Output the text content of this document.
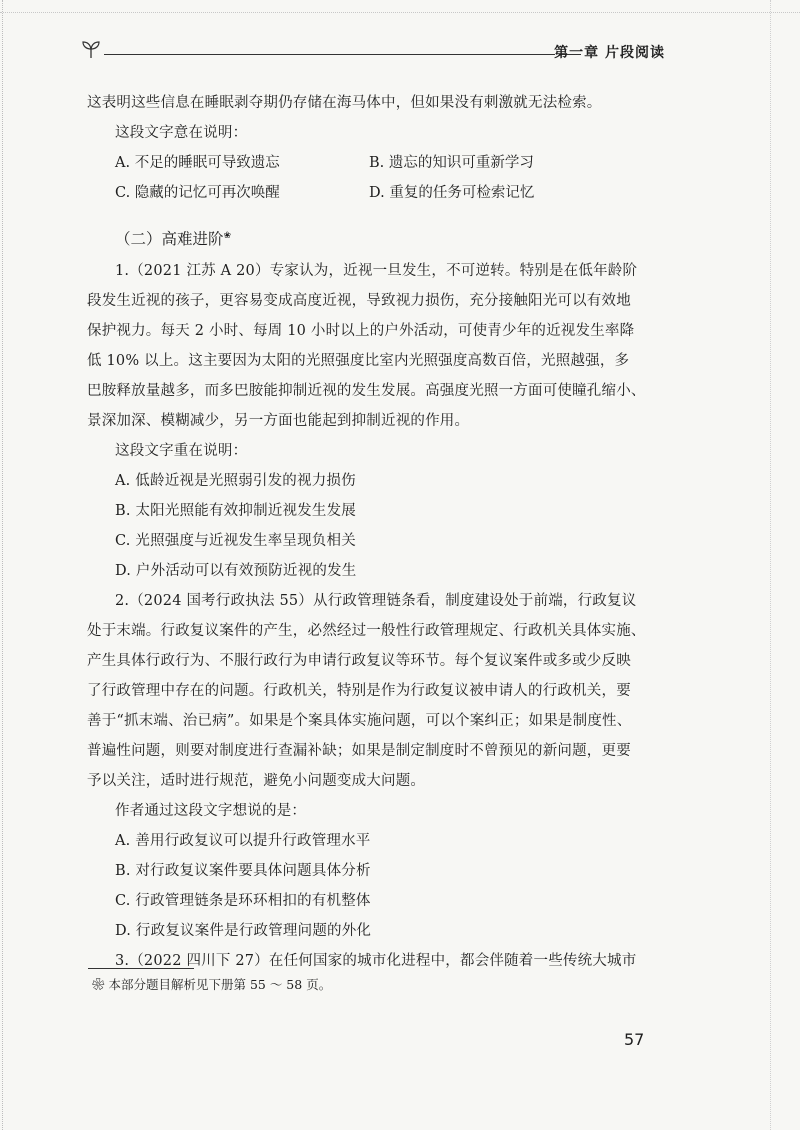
第一章 片段阅读
这表明这些信息在睡眠剥夺期仍存储在海马体中，但如果没有刺激就无法检索。
这段文字意在说明：
A. 不足的睡眠可导致遗忘	B. 遗忘的知识可重新学习
C. 隐藏的记忆可再次唤醒	D. 重复的任务可检索记忆
（二）高难进阶❀
1.（2021 江苏 A 20）专家认为，近视一旦发生，不可逆转。特别是在低年龄阶
段发生近视的孩子，更容易变成高度近视，导致视力损伤，充分接触阳光可以有效地
保护视力。每天 2 小时、每周 10 小时以上的户外活动，可使青少年的近视发生率降
低 10% 以上。这主要因为太阳的光照强度比室内光照强度高数百倍，光照越强，多
巴胺释放量越多，而多巴胺能抑制近视的发生发展。高强度光照一方面可使瞳孔缩小、
景深加深、模糊减少，另一方面也能起到抑制近视的作用。
这段文字重在说明：
A. 低龄近视是光照弱引发的视力损伤
B. 太阳光照能有效抑制近视发生发展
C. 光照强度与近视发生率呈现负相关
D. 户外活动可以有效预防近视的发生
2.（2024 国考行政执法 55）从行政管理链条看，制度建设处于前端，行政复议
处于末端。行政复议案件的产生，必然经过一般性行政管理规定、行政机关具体实施、
产生具体行政行为、不服行政行为申请行政复议等环节。每个复议案件或多或少反映
了行政管理中存在的问题。行政机关，特别是作为行政复议被申请人的行政机关，要
善于“抓末端、治已病”。如果是个案具体实施问题，可以个案纠正；如果是制度性、
普遍性问题，则要对制度进行查漏补缺；如果是制定制度时不曾预见的新问题，更要
予以关注，适时进行规范，避免小问题变成大问题。
作者通过这段文字想说的是：
A. 善用行政复议可以提升行政管理水平
B. 对行政复议案件要具体问题具体分析
C. 行政管理链条是环环相扣的有机整体
D. 行政复议案件是行政管理问题的外化
3.（2022 四川下 27）在任何国家的城市化进程中，都会伴随着一些传统大城市
❀ 本部分题目解析见下册第 55 ～ 58 页。
57
